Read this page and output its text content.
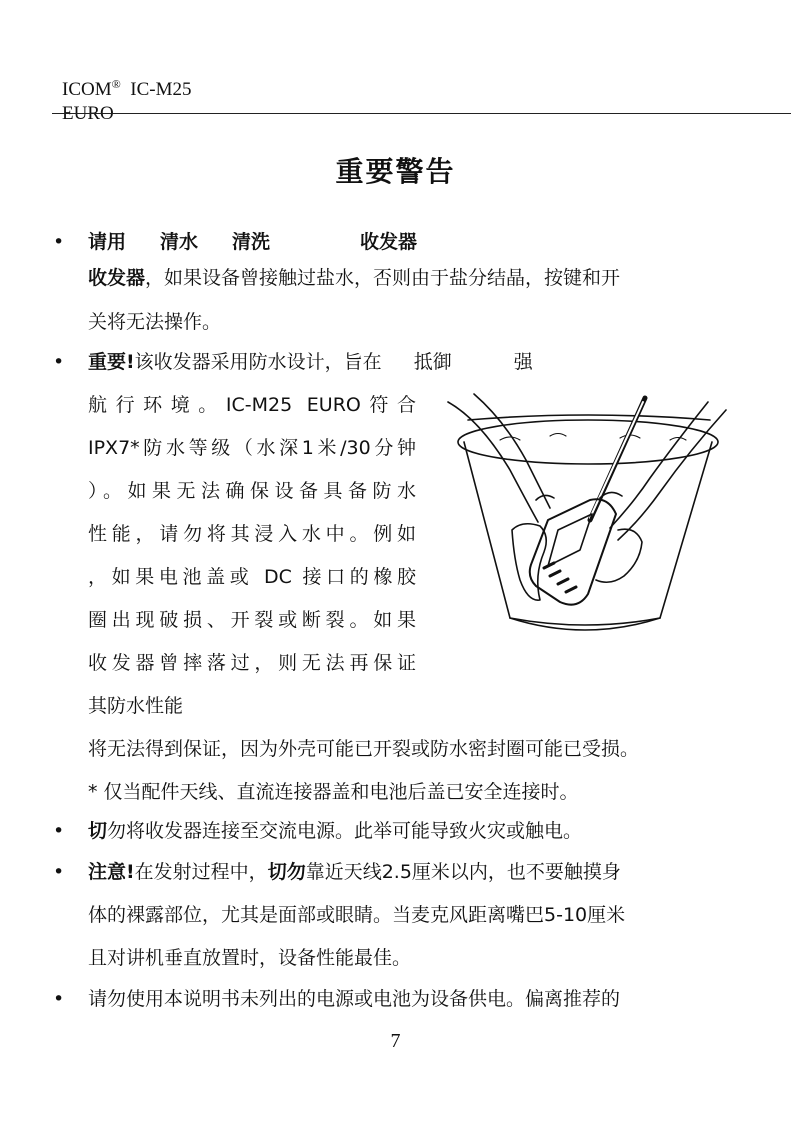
ICOM® IC-M25
EURO
重要警告
• 请用 清水 清洗	收发器
收发器，如果设备曾接触过盐水，否则由于盐分结晶，按键和开
关将无法操作。
• 重要!该收发器采用防水设计，旨在 抵御	强
航行环境。IC-M25 EURO符合
IPX7*防水等级（水深1米/30分钟
）。如果无法确保设备具备防水
性能，请勿将其浸入水中。例如
，如果电池盖或 DC 接口的橡胶
圈出现破损、开裂或断裂。如果
收发器曾摔落过，则无法再保证
其防水性能
将无法得到保证，因为外壳可能已开裂或防水密封圈可能已受损。
* 仅当配件天线、直流连接器盖和电池后盖已安全连接时。
• 切勿将收发器连接至交流电源。此举可能导致火灾或触电。
• 注意!在发射过程中，切勿靠近天线2.5厘米以内，也不要触摸身
体的裸露部位，尤其是面部或眼睛。当麦克风距离嘴巴5-10厘米
且对讲机垂直放置时，设备性能最佳。
• 请勿使用本说明书未列出的电源或电池为设备供电。偏离推荐的
7
